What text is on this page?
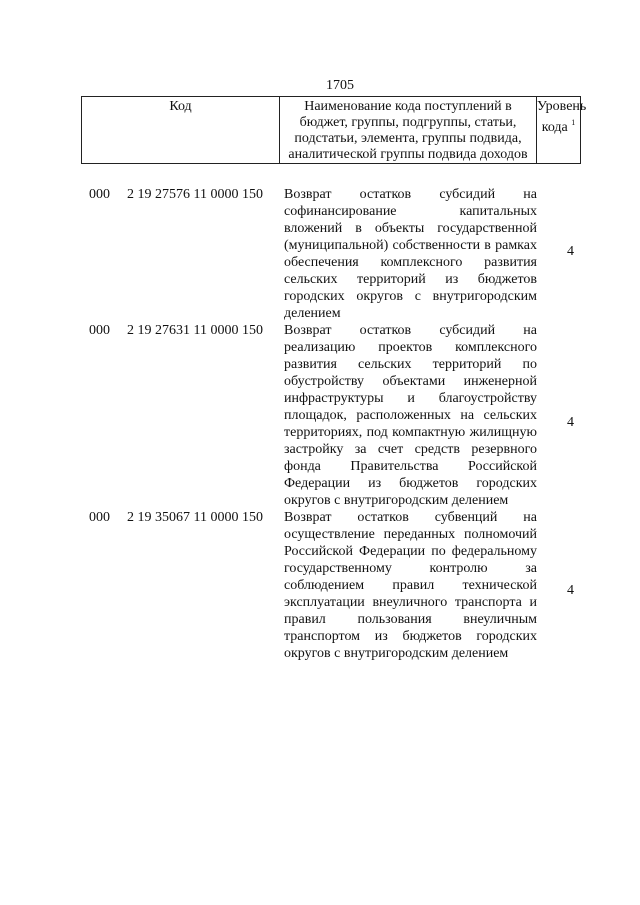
1705
Код	Наименование кода поступлений в бюджет, группы, подгруппы, статьи, подстатьи, элемента, группы подвида, аналитической группы подвида доходов
Уровень кода $^1$
000 2 19 27576 11 0000 150 Возврат остатков субсидий на софинансирование капитальных вложений в объекты государственной (муниципальной) собственности в рамках обеспечения комплексного развития сельских территорий из бюджетов городских округов с внутригородским делением
4
000 2 19 27631 11 0000 150 Возврат остатков субсидий на реализацию проектов комплексного развития сельских территорий по обустройству объектами инженерной инфраструктуры и благоустройству площадок, расположенных на сельских территориях, под компактную жилищную застройку за счет средств резервного фонда Правительства Российской Федерации из бюджетов городских округов с внутригородским делением
4
000 2 19 35067 11 0000 150 Возврат остатков субвенций на осуществление переданных полномочий Российской Федерации по федеральному государственному контролю за соблюдением правил технической эксплуатации внеуличного транспорта и правил пользования внеуличным транспортом из бюджетов городских округов с внутригородским делением
4
